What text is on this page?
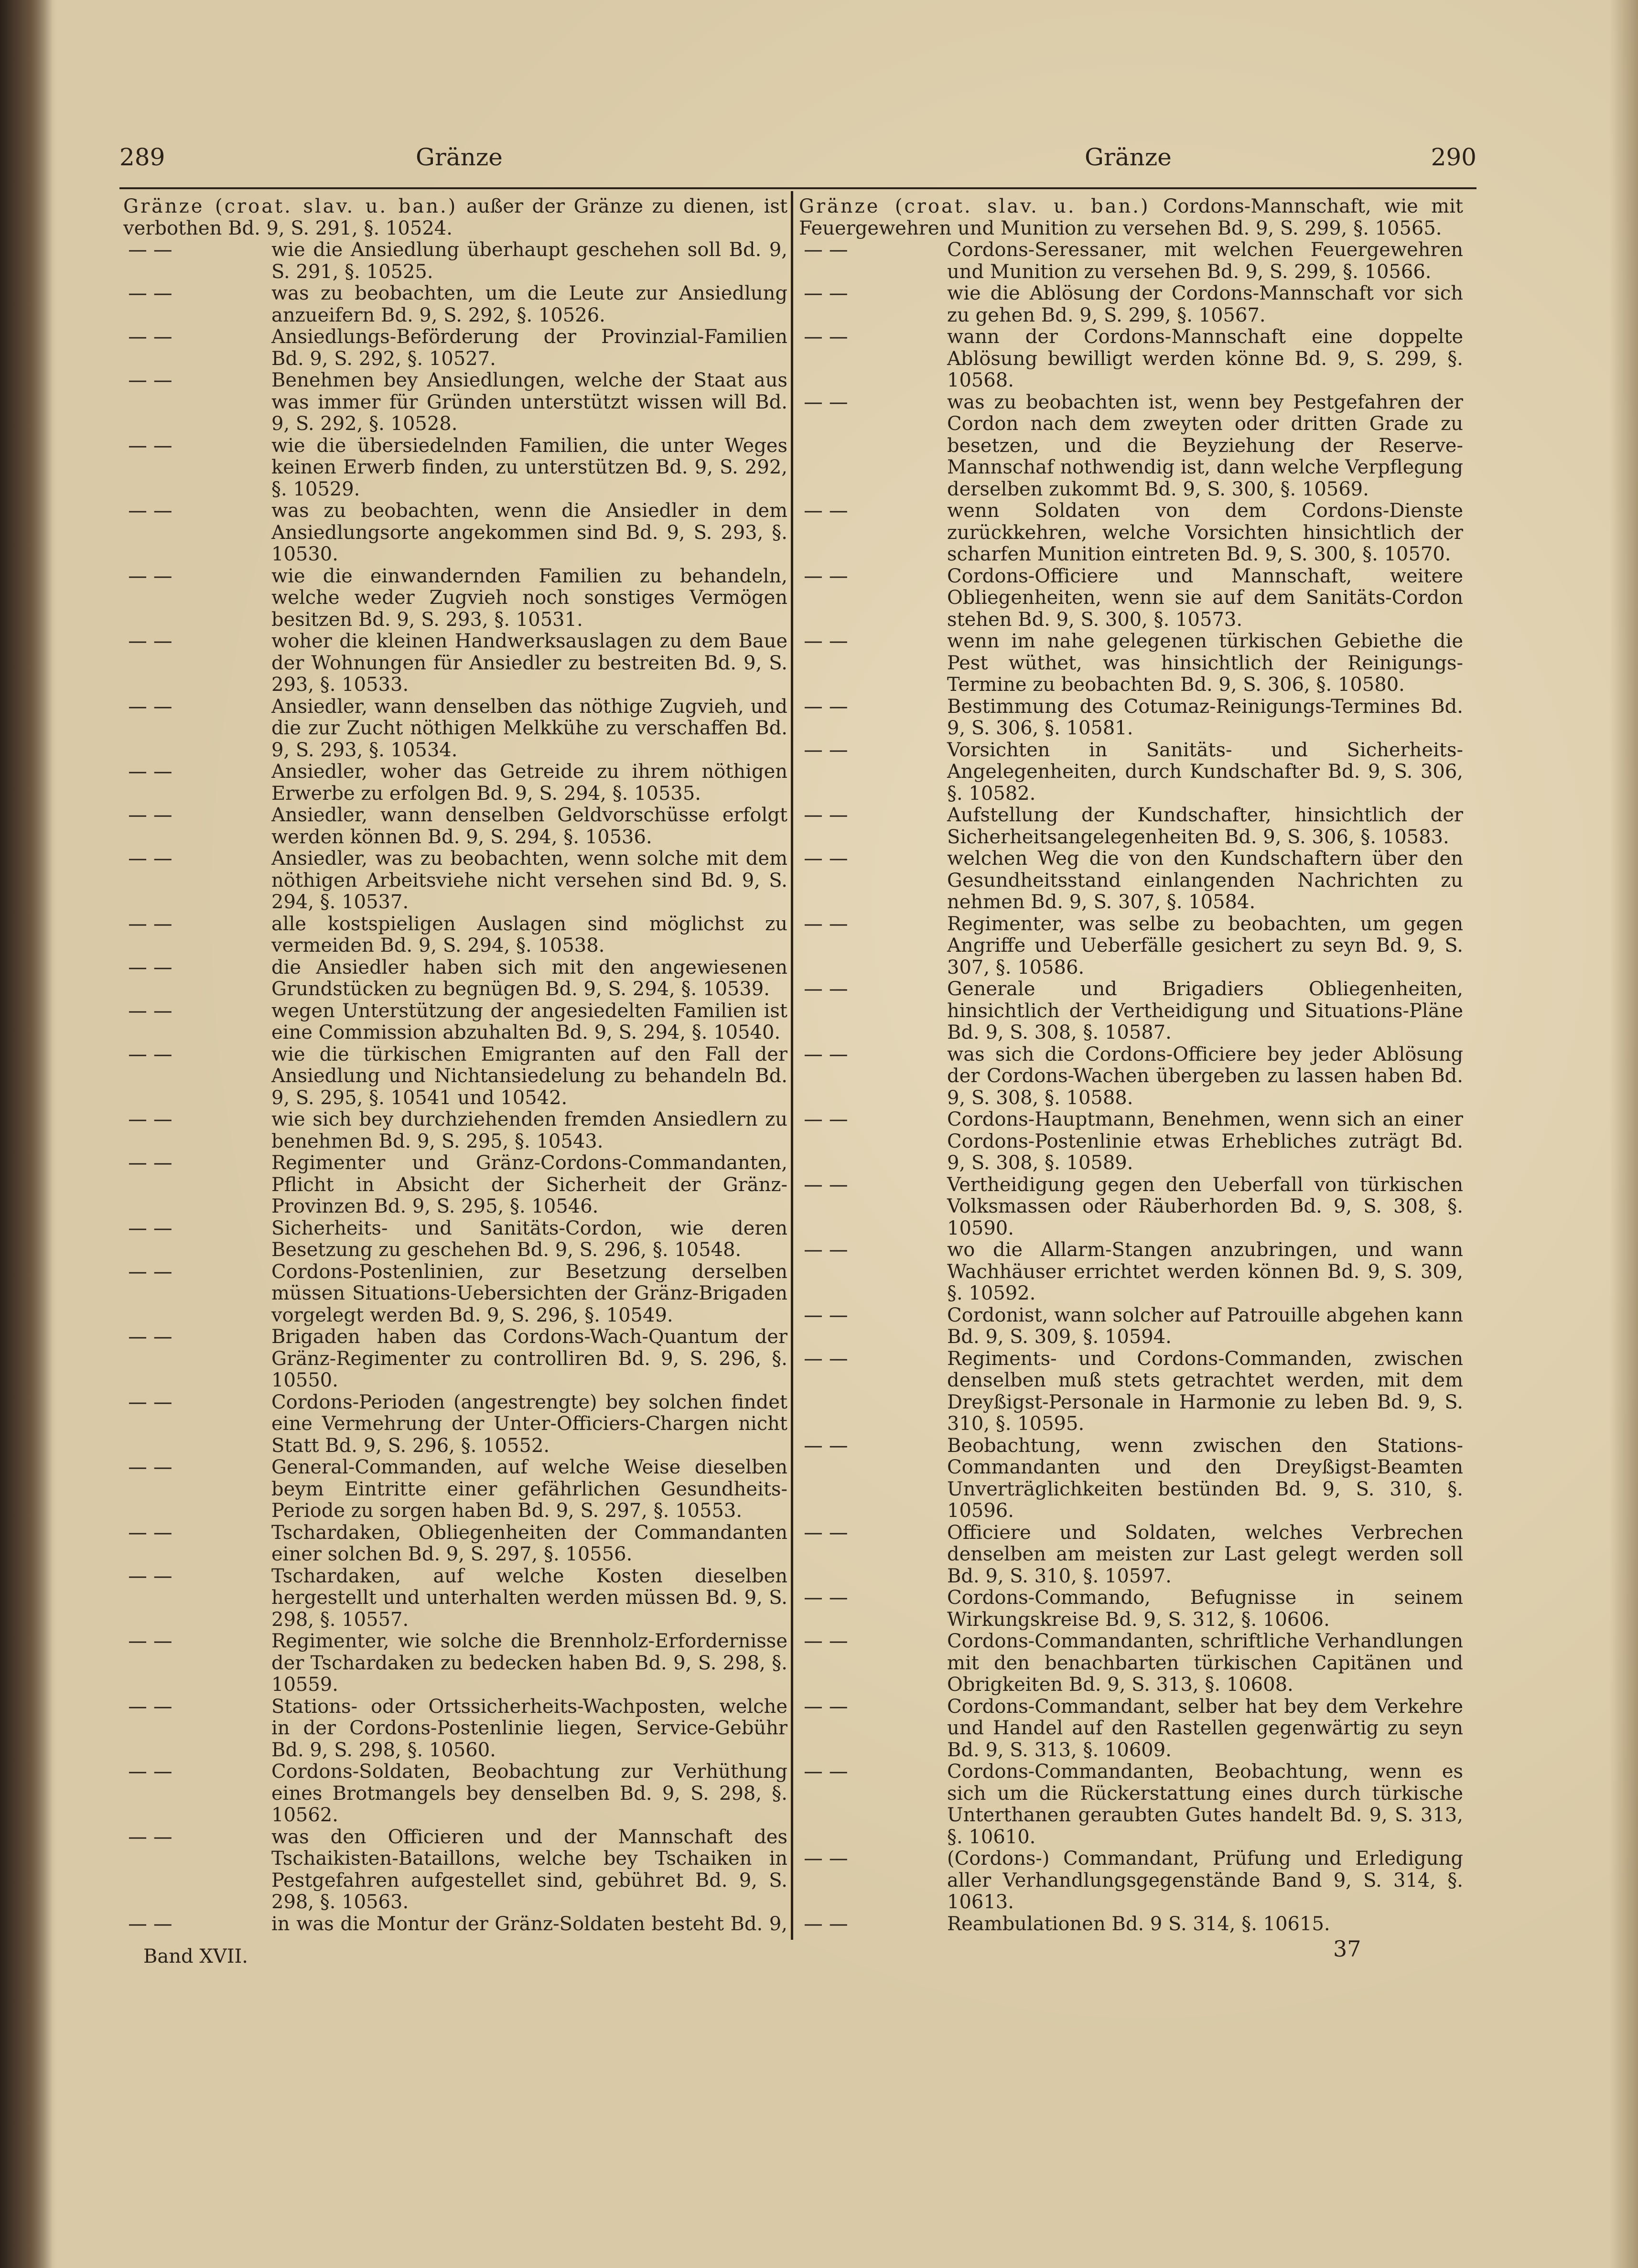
289	Gränze	Gränze	290
Gränze (croat. slav. u. ban.) außer der Gränze zu dienen, ist verbothen Bd. 9, S. 291, §. 10524.
— —	wie die Ansiedlung überhaupt geschehen soll Bd. 9, S. 291, §. 10525.
— —	was zu beobachten, um die Leute zur Ansiedlung anzueifern Bd. 9, S. 292, §. 10526.
— —	Ansiedlungs-Beförderung der Provinzial-Familien Bd. 9, S. 292, §. 10527.
— —	Benehmen bey Ansiedlungen, welche der Staat aus was immer für Gründen unterstützt wissen will Bd. 9, S. 292, §. 10528.
— —	wie die übersiedelnden Familien, die unter Weges keinen Erwerb finden, zu unterstützen Bd. 9, S. 292, §. 10529.
— —	was zu beobachten, wenn die Ansiedler in dem Ansiedlungsorte angekommen sind Bd. 9, S. 293, §. 10530.
— —	wie die einwandernden Familien zu behandeln, welche weder Zugvieh noch sonstiges Vermögen besitzen Bd. 9, S. 293, §. 10531.
— —	woher die kleinen Handwerksauslagen zu dem Baue der Wohnungen für Ansiedler zu bestreiten Bd. 9, S. 293, §. 10533.
— —	Ansiedler, wann denselben das nöthige Zugvieh, und die zur Zucht nöthigen Melkkühe zu verschaffen Bd. 9, S. 293, §. 10534.
— —	Ansiedler, woher das Getreide zu ihrem nöthigen Erwerbe zu erfolgen Bd. 9, S. 294, §. 10535.
— —	Ansiedler, wann denselben Geldvorschüsse erfolgt werden können Bd. 9, S. 294, §. 10536.
— —	Ansiedler, was zu beobachten, wenn solche mit dem nöthigen Arbeitsviehe nicht versehen sind Bd. 9, S. 294, §. 10537.
— —	alle kostspieligen Auslagen sind möglichst zu vermeiden Bd. 9, S. 294, §. 10538.
— —	die Ansiedler haben sich mit den angewiesenen Grundstücken zu begnügen Bd. 9, S. 294, §. 10539.
— —	wegen Unterstützung der angesiedelten Familien ist eine Commission abzuhalten Bd. 9, S. 294, §. 10540.
— —	wie die türkischen Emigranten auf den Fall der Ansiedlung und Nichtansiedelung zu behandeln Bd. 9, S. 295, §. 10541 und 10542.
— —	wie sich bey durchziehenden fremden Ansiedlern zu benehmen Bd. 9, S. 295, §. 10543.
— —	Regimenter und Gränz-Cordons-Commandanten, Pflicht in Absicht der Sicherheit der Gränz-Provinzen Bd. 9, S. 295, §. 10546.
— —	Sicherheits- und Sanitäts-Cordon, wie deren Besetzung zu geschehen Bd. 9, S. 296, §. 10548.
— —	Cordons-Postenlinien, zur Besetzung derselben müssen Situations-Uebersichten der Gränz-Brigaden vorgelegt werden Bd. 9, S. 296, §. 10549.
— —	Brigaden haben das Cordons-Wach-Quantum der Gränz-Regimenter zu controlliren Bd. 9, S. 296, §. 10550.
— —	Cordons-Perioden (angestrengte) bey solchen findet eine Vermehrung der Unter-Officiers-Chargen nicht Statt Bd. 9, S. 296, §. 10552.
— —	General-Commanden, auf welche Weise dieselben beym Eintritte einer gefährlichen Gesundheits-Periode zu sorgen haben Bd. 9, S. 297, §. 10553.
— —	Tschardaken, Obliegenheiten der Commandanten einer solchen Bd. 9, S. 297, §. 10556.
— —	Tschardaken, auf welche Kosten dieselben hergestellt und unterhalten werden müssen Bd. 9, S. 298, §. 10557.
— —	Regimenter, wie solche die Brennholz-Erfordernisse der Tschardaken zu bedecken haben Bd. 9, S. 298, §. 10559.
— —	Stations- oder Ortssicherheits-Wachposten, welche in der Cordons-Postenlinie liegen, Service-Gebühr Bd. 9, S. 298, §. 10560.
— —	Cordons-Soldaten, Beobachtung zur Verhüthung eines Brotmangels bey denselben Bd. 9, S. 298, §. 10562.
— —	was den Officieren und der Mannschaft des Tschaikisten-Bataillons, welche bey Tschaiken in Pestgefahren aufgestellet sind, gebühret Bd. 9, S. 298, §. 10563.
— —	in was die Montur der Gränz-Soldaten besteht Bd. 9,
Gränze (croat. slav. u. ban.) Cordons-Mannschaft, wie mit Feuergewehren und Munition zu versehen Bd. 9, S. 299, §. 10565.
— —	Cordons-Seressaner, mit welchen Feuergewehren und Munition zu versehen Bd. 9, S. 299, §. 10566.
— —	wie die Ablösung der Cordons-Mannschaft vor sich zu gehen Bd. 9, S. 299, §. 10567.
— —	wann der Cordons-Mannschaft eine doppelte Ablösung bewilligt werden könne Bd. 9, S. 299, §. 10568.
— —	was zu beobachten ist, wenn bey Pestgefahren der Cordon nach dem zweyten oder dritten Grade zu besetzen, und die Beyziehung der Reserve-Mannschaf nothwendig ist, dann welche Verpflegung derselben zukommt Bd. 9, S. 300, §. 10569.
— —	wenn Soldaten von dem Cordons-Dienste zurückkehren, welche Vorsichten hinsichtlich der scharfen Munition eintreten Bd. 9, S. 300, §. 10570.
— —	Cordons-Officiere und Mannschaft, weitere Obliegenheiten, wenn sie auf dem Sanitäts-Cordon stehen Bd. 9, S. 300, §. 10573.
— —	wenn im nahe gelegenen türkischen Gebiethe die Pest wüthet, was hinsichtlich der Reinigungs-Termine zu beobachten Bd. 9, S. 306, §. 10580.
— —	Bestimmung des Cotumaz-Reinigungs-Termines Bd. 9, S. 306, §. 10581.
— —	Vorsichten in Sanitäts- und Sicherheits-Angelegenheiten, durch Kundschafter Bd. 9, S. 306, §. 10582.
— —	Aufstellung der Kundschafter, hinsichtlich der Sicherheitsangelegenheiten Bd. 9, S. 306, §. 10583.
— —	welchen Weg die von den Kundschaftern über den Gesundheitsstand einlangenden Nachrichten zu nehmen Bd. 9, S. 307, §. 10584.
— —	Regimenter, was selbe zu beobachten, um gegen Angriffe und Ueberfälle gesichert zu seyn Bd. 9, S. 307, §. 10586.
— —	Generale und Brigadiers Obliegenheiten, hinsichtlich der Vertheidigung und Situations-Pläne Bd. 9, S. 308, §. 10587.
— —	was sich die Cordons-Officiere bey jeder Ablösung der Cordons-Wachen übergeben zu lassen haben Bd. 9, S. 308, §. 10588.
— —	Cordons-Hauptmann, Benehmen, wenn sich an einer Cordons-Postenlinie etwas Erhebliches zuträgt Bd. 9, S. 308, §. 10589.
— —	Vertheidigung gegen den Ueberfall von türkischen Volksmassen oder Räuberhorden Bd. 9, S. 308, §. 10590.
— —	wo die Allarm-Stangen anzubringen, und wann Wachhäuser errichtet werden können Bd. 9, S. 309, §. 10592.
— —	Cordonist, wann solcher auf Patrouille abgehen kann Bd. 9, S. 309, §. 10594.
— —	Regiments- und Cordons-Commanden, zwischen denselben muß stets getrachtet werden, mit dem Dreyßigst-Personale in Harmonie zu leben Bd. 9, S. 310, §. 10595.
— —	Beobachtung, wenn zwischen den Stations-Commandanten und den Dreyßigst-Beamten Unverträglichkeiten bestünden Bd. 9, S. 310, §. 10596.
— —	Officiere und Soldaten, welches Verbrechen denselben am meisten zur Last gelegt werden soll Bd. 9, S. 310, §. 10597.
— —	Cordons-Commando, Befugnisse in seinem Wirkungskreise Bd. 9, S. 312, §. 10606.
— —	Cordons-Commandanten, schriftliche Verhandlungen mit den benachbarten türkischen Capitänen und Obrigkeiten Bd. 9, S. 313, §. 10608.
— —	Cordons-Commandant, selber hat bey dem Verkehre und Handel auf den Rastellen gegenwärtig zu seyn Bd. 9, S. 313, §. 10609.
— —	Cordons-Commandanten, Beobachtung, wenn es sich um die Rückerstattung eines durch türkische Unterthanen geraubten Gutes handelt Bd. 9, S. 313, §. 10610.
— —	(Cordons-) Commandant, Prüfung und Erledigung aller Verhandlungsgegenstände Band 9, S. 314, §. 10613.
— —	Reambulationen Bd. 9 S. 314, §. 10615.
Band XVII.	37
